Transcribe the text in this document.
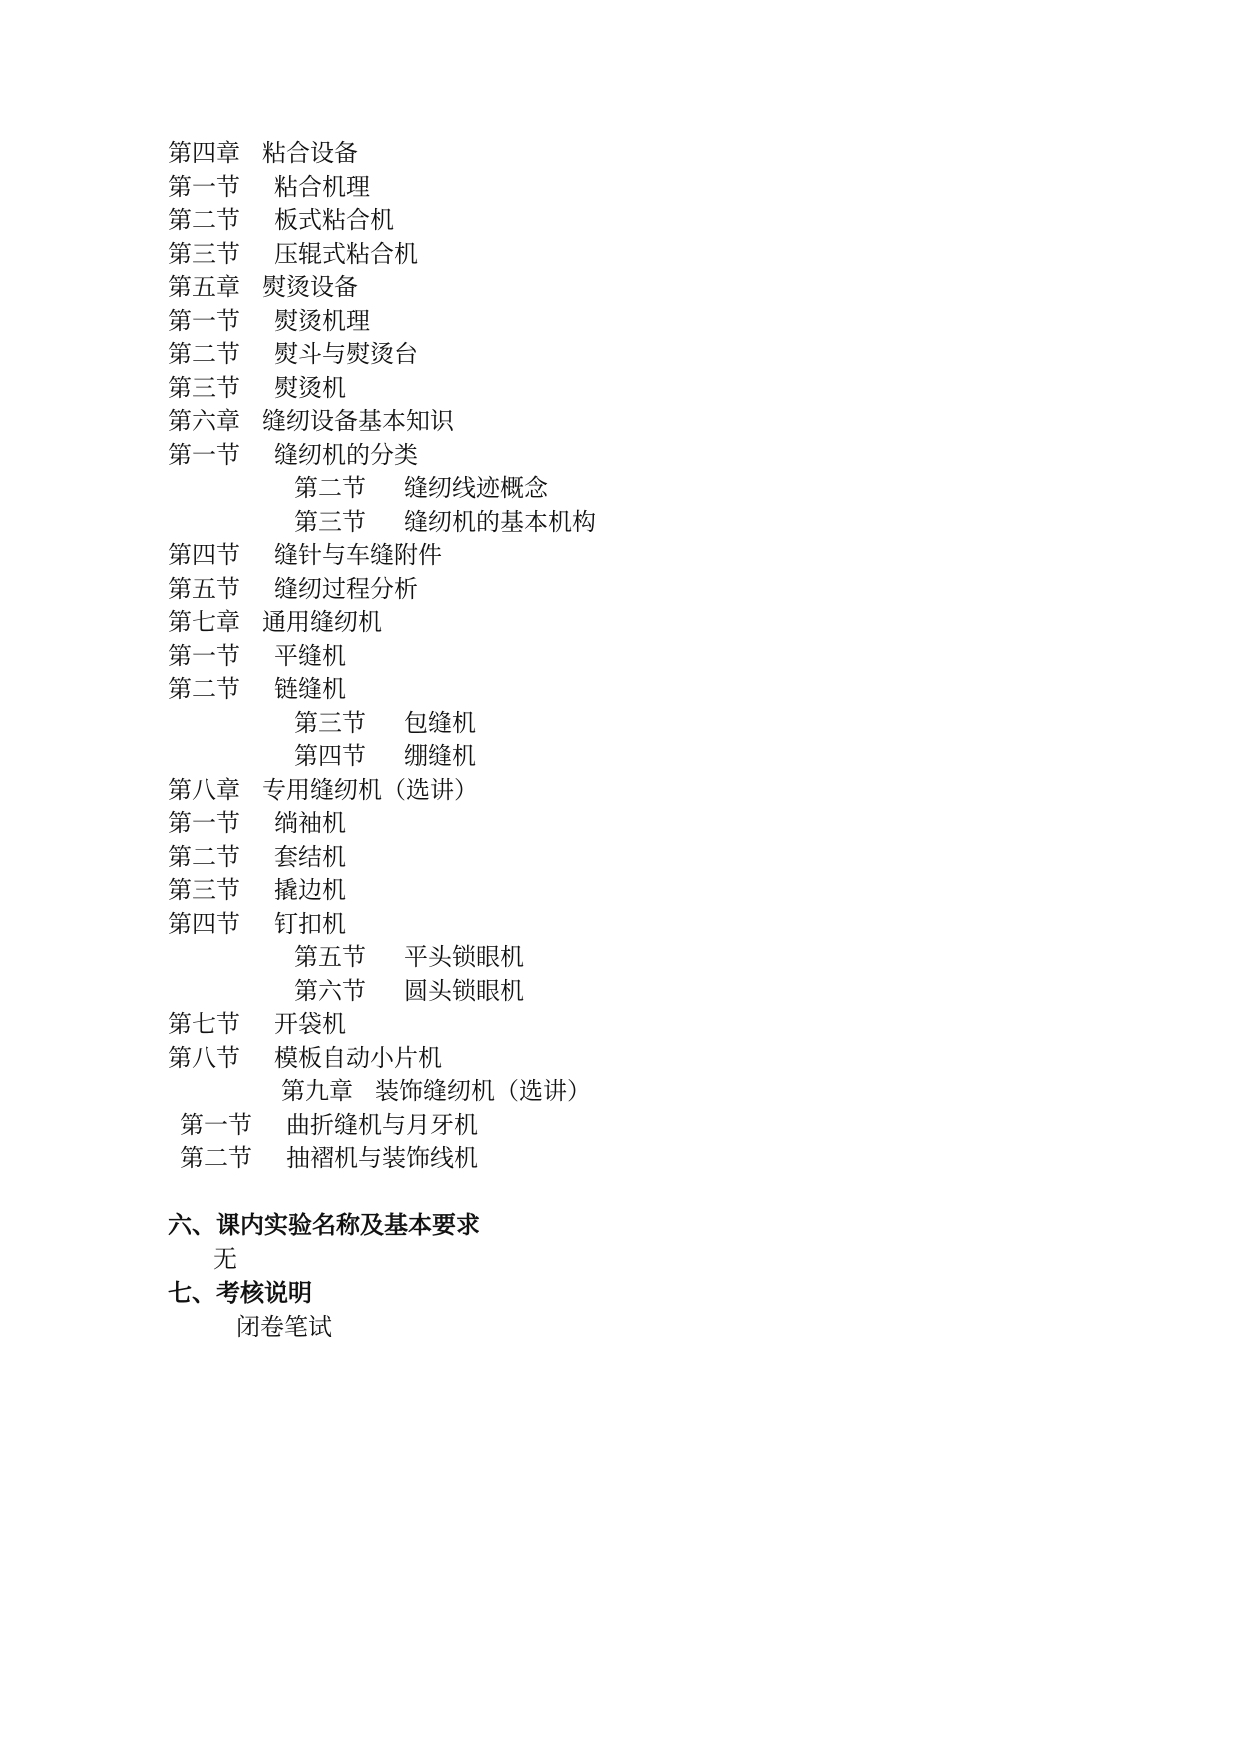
第四章 粘合设备
第一节 粘合机理
第二节 板式粘合机
第三节 压辊式粘合机
第五章 熨烫设备
第一节 熨烫机理
第二节 熨斗与熨烫台
第三节 熨烫机
第六章 缝纫设备基本知识
第一节 缝纫机的分类
第二节 缝纫线迹概念
第三节 缝纫机的基本机构
第四节 缝针与车缝附件
第五节 缝纫过程分析
第七章 通用缝纫机
第一节 平缝机
第二节 链缝机
第三节 包缝机
第四节 绷缝机
第八章 专用缝纫机（选讲）
第一节 绱袖机
第二节 套结机
第三节 撬边机
第四节 钉扣机
第五节 平头锁眼机
第六节 圆头锁眼机
第七节 开袋机
第八节 模板自动小片机
第九章 装饰缝纫机（选讲）
第一节 曲折缝机与月牙机
第二节 抽褶机与装饰线机
六、课内实验名称及基本要求
无
七、考核说明
闭卷笔试
